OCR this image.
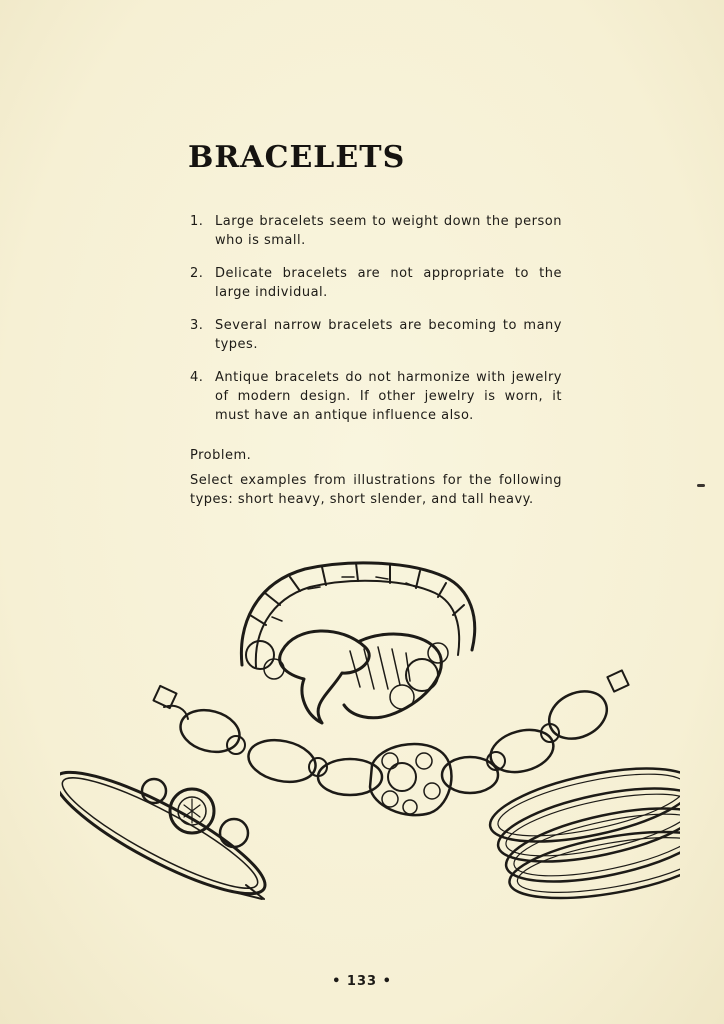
BRACELETS
1. Large bracelets seem to weight down the person who is small.
2. Delicate bracelets are not appropriate to the large individual.
3. Several narrow bracelets are becoming to many types.
4. Antique bracelets do not harmonize with jewelry of modern design. If other jewelry is worn, it must have an antique influence also.

Problem.

Select examples from illustrations for the following types: short heavy, short slender, and tall heavy.

• 133 •
